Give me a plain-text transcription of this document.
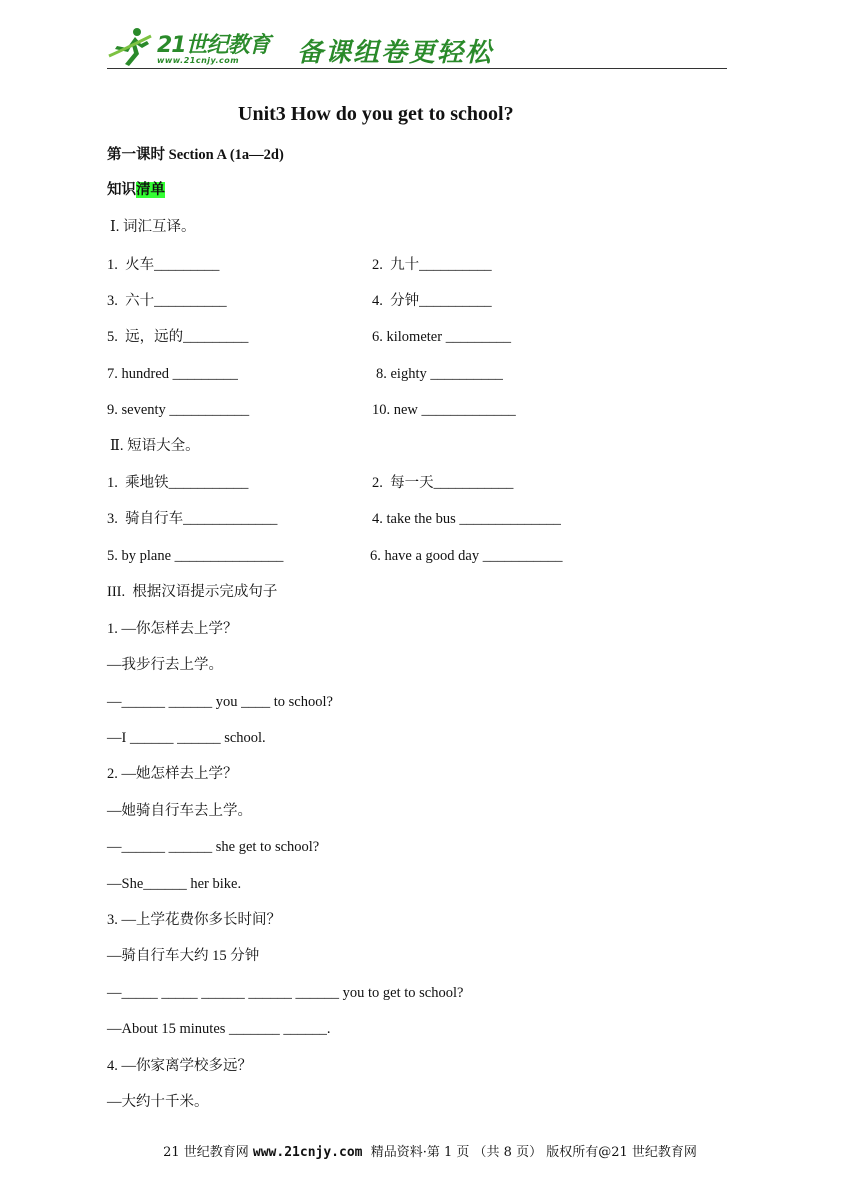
21世纪教育
www.21cnjy.com 备课组卷更轻松
Unit3 How do you get to school?
第一课时 Section A (1a—2d)
知识清单
Ⅰ. 词汇互译。
1.  火车_________	2.  九十__________
3.  六十__________	4.  分钟__________
5.  远，远的_________	6. kilometer _________
7. hundred _________	8. eighty __________
9. seventy ___________	10. new _____________
Ⅱ. 短语大全。
1.  乘地铁___________	2.  每一天___________
3.  骑自行车_____________	4. take the bus ______________
5. by plane _______________	6. have a good day ___________
III.  根据汉语提示完成句子
1. —你怎样去上学？
—我步行去上学。
—______ ______ you ____ to school?
—I ______ ______ school.
2. —她怎样去上学？
—她骑自行车去上学。
—______ ______ she get to school?
—She______ her bike.
3. —上学花费你多长时间？
—骑自行车大约 15 分钟
—_____ _____ ______ ______ ______ you to get to school?
—About 15 minutes _______ ______.
4. —你家离学校多远？
—大约十千米。
21 世纪教育网 www.21cnjy.com  精品资料·第 1 页 （共 8 页） 版权所有@21 世纪教育网
